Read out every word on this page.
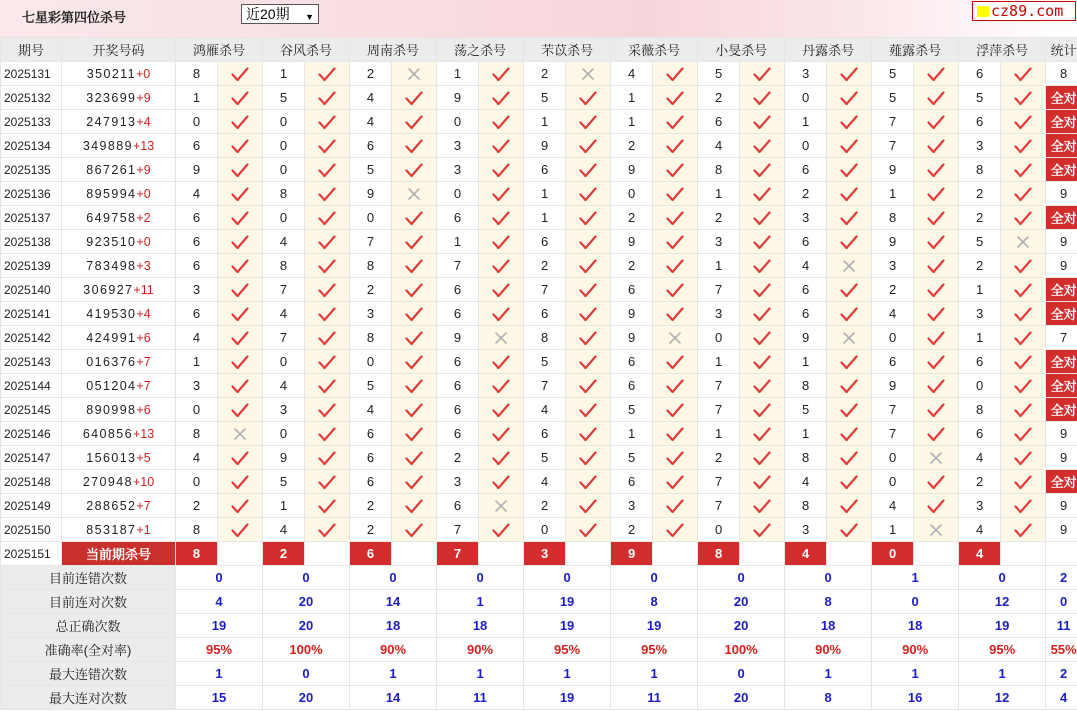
七星彩第四位杀号	近20期 ▼	cz89.com
期号	开奖号码	鸿雁杀号		谷风杀号		周南杀号		荡之杀号		芣苡杀号		采薇杀号		小旻杀号		丹露杀号		薤露杀号		浮萍杀号		统计
2025131	350211+0	8		1		2		1		2		4		5		3		5		6		8
2025132	323699+9	1		5		4		9		5		1		2		0		5		5		全对
2025133	247913+4	0		0		4		0		1		1		6		1		7		6		全对
2025134	349889+13	6		0		6		3		9		2		4		0		7		3		全对
2025135	867261+9	9		0		5		3		6		9		8		6		9		8		全对
2025136	895994+0	4		8		9		0		1		0		1		2		1		2		9
2025137	649758+2	6		0		0		6		1		2		2		3		8		2		全对
2025138	923510+0	6		4		7		1		6		9		3		6		9		5		9
2025139	783498+3	6		8		8		7		2		2		1		4		3		2		9
2025140	306927+11	3		7		2		6		7		6		7		6		2		1		全对
2025141	419530+4	6		4		3		6		6		9		3		6		4		3		全对
2025142	424991+6	4		7		8		9		8		9		0		9		0		1		7
2025143	016376+7	1		0		0		6		5		6		1		1		6		6		全对
2025144	051204+7	3		4		5		6		7		6		7		8		9		0		全对
2025145	890998+6	0		3		4		6		4		5		7		5		7		8		全对
2025146	640856+13	8		0		6		6		6		1		1		1		7		6		9
2025147	156013+5	4		9		6		2		5		5		2		8		0		4		9
2025148	270948+10	0		5		6		3		4		6		7		4		0		2		全对
2025149	288652+7	2		1		2		6		2		3		7		8		4		3		9
2025150	853187+1	8		4		2		7		0		2		0		3		1		4		9
2025151	当前期杀号	8		2		6		7		3		9		8		4		0		4		
目前连错次数		0		0		0		0		0		0		0		0		1		0		2
目前连对次数		4		20		14		1		19		8		20		8		0		12		0
总正确次数		19		20		18		18		19		19		20		18		18		19		11
准确率(全对率)		95%		100%		90%		90%		95%		95%		100%		90%		90%		95%		55%
最大连错次数		1		0		1		1		1		1		0		1		1		1		2
最大连对次数		15		20		14		11		19		11		20		8		16		12		4
